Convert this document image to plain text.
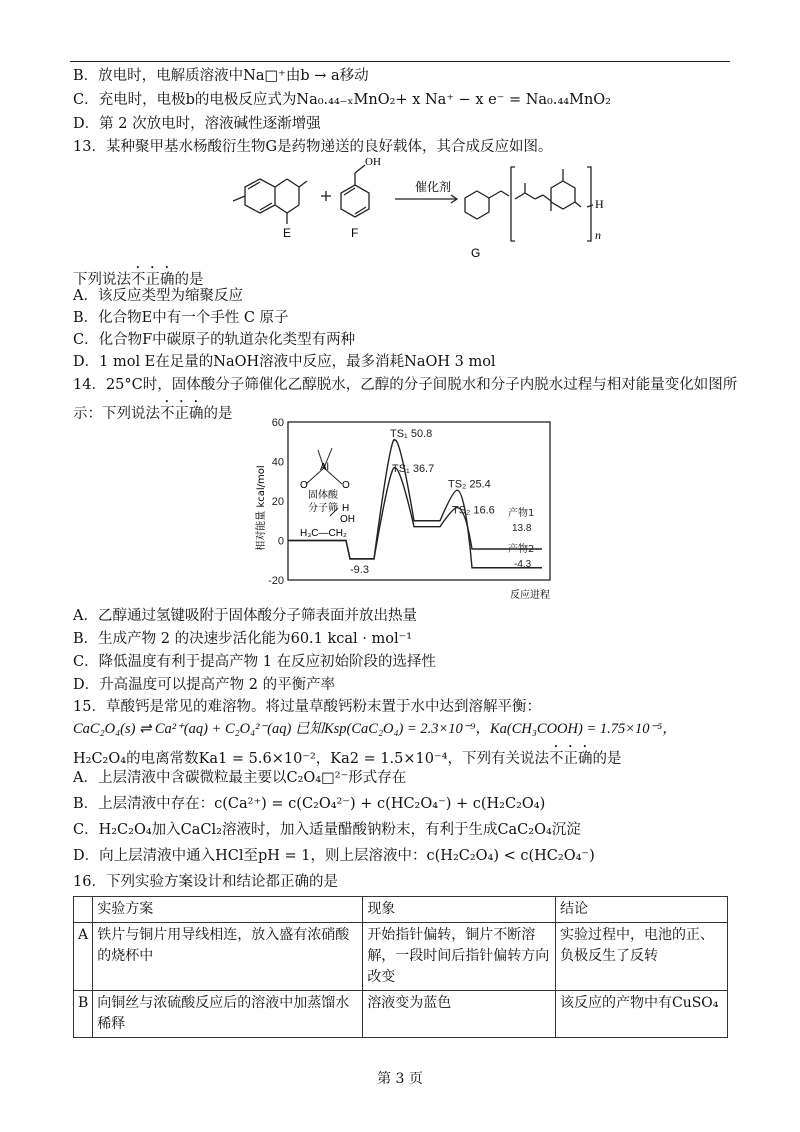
B．放电时，电解质溶液中Na□⁺由b → a移动
C．充电时，电极b的电极反应式为Na₀.₄₄₋ₓMnO₂+ x Na⁺ − x e⁻ = Na₀.₄₄MnO₂
D．第 2 次放电时，溶液碱性逐渐增强
13．某种聚甲基水杨酸衍生物G是药物递送的良好载体，其合成反应如图。
催化剂
OH
H
n
E	F
G
下列说法不正确的是
A．该反应类型为缩聚反应
B．化合物E中有一个手性 C 原子
C．化合物F中碳原子的轨道杂化类型有两种
D．1 mol E在足量的NaOH溶液中反应，最多消耗NaOH 3 mol
14．25°C时，固体酸分子筛催化乙醇脱水，乙醇的分子间脱水和分子内脱水过程与相对能量变化如图所
示：下列说法不正确的是
60
40
20
0
-20
相对能量 kcal/mol
反应进程
Al
O	O
固体酸
分子筛 H
OH
H₃C—CH₂
TS₁ 50.8
TS₁ 36.7
TS₂ 25.4
TS₂ 16.6
-9.3
产物1
13.8
产物2
-4.3
A．乙醇通过氢键吸附于固体酸分子筛表面并放出热量
B．生成产物 2 的决速步活化能为60.1 kcal · mol⁻¹
C．降低温度有利于提高产物 1 在反应初始阶段的选择性
D．升高温度可以提高产物 2 的平衡产率
15．草酸钙是常见的难溶物。将过量草酸钙粉末置于水中达到溶解平衡：
CaC₂O₄(s) ⇌ Ca²⁺(aq) + C₂O₄²⁻(aq) 已知Ksp(CaC₂O₄) = 2.3×10⁻⁹，Ka(CH₃COOH) = 1.75×10⁻⁵，
H₂C₂O₄的电离常数Ka1 = 5.6×10⁻²，Ka2 = 1.5×10⁻⁴，下列有关说法不正确的是
A．上层清液中含碳微粒最主要以C₂O₄□²⁻形式存在
B．上层清液中存在：c(Ca²⁺) = c(C₂O₄²⁻) + c(HC₂O₄⁻) + c(H₂C₂O₄)
C．H₂C₂O₄加入CaCl₂溶液时，加入适量醋酸钠粉末，有利于生成CaC₂O₄沉淀
D．向上层清液中通入HCl至pH = 1，则上层溶液中：c(H₂C₂O₄) < c(HC₂O₄⁻)
16．下列实验方案设计和结论都正确的是
	实验方案	现象	结论
A	铁片与铜片用导线相连，放入盛有浓硝酸的烧杯中	开始指针偏转，铜片不断溶解，一段时间后指针偏转方向改变	实验过程中，电池的正、负极反生了反转
B	向铜丝与浓硫酸反应后的溶液中加蒸馏水稀释	溶液变为蓝色	该反应的产物中有CuSO₄
第 3 页
